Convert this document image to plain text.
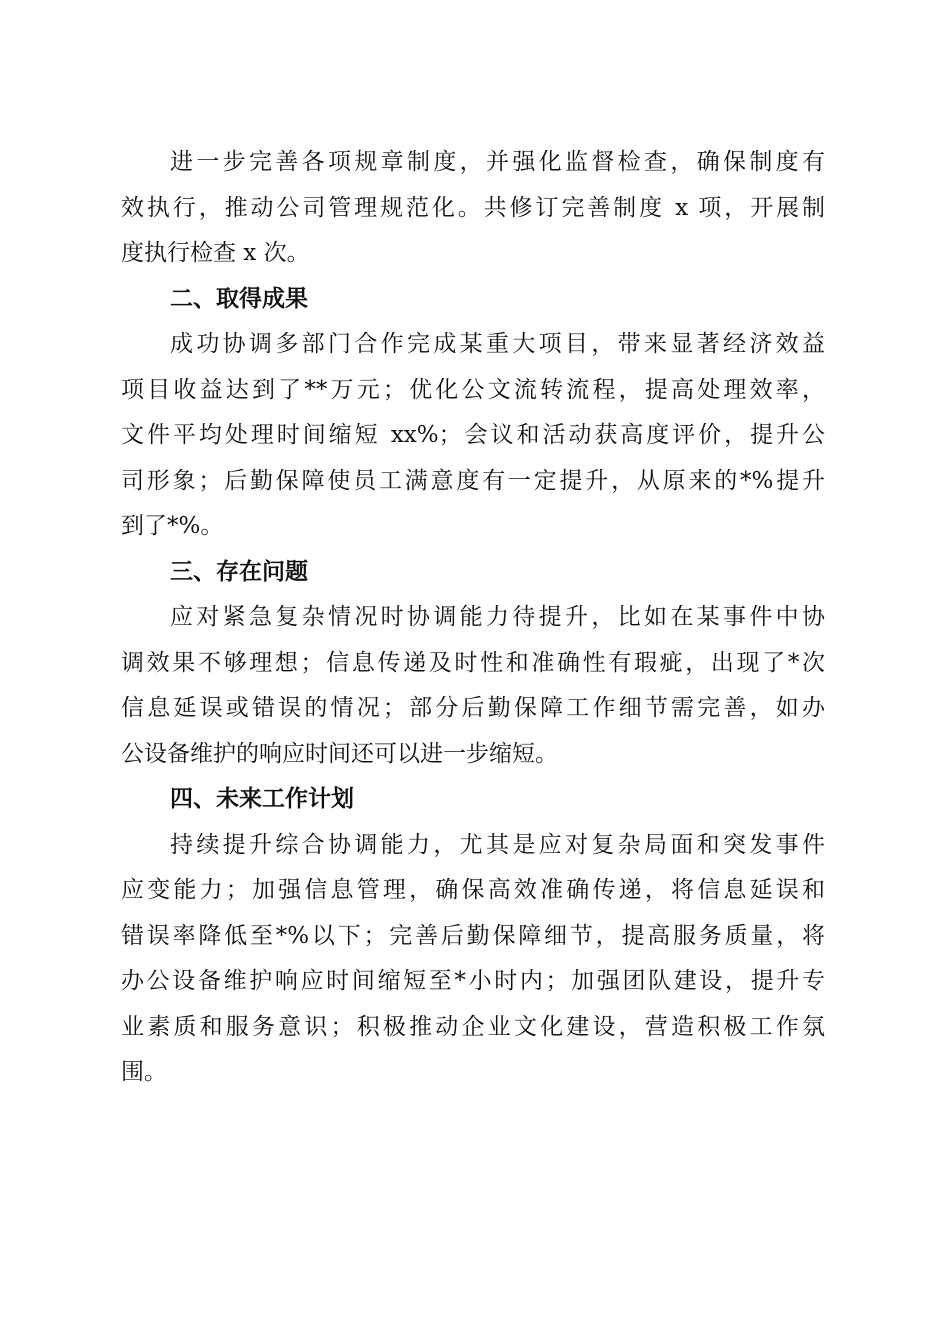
进一步完善各项规章制度，并强化监督检查，确保制度有
效执行，推动公司管理规范化。共修订完善制度 x 项，开展制
度执行检查 x 次。
二、取得成果
成功协调多部门合作完成某重大项目，带来显著经济效益
项目收益达到了**万元；优化公文流转流程，提高处理效率，
文件平均处理时间缩短 xx%；会议和活动获高度评价，提升公
司形象；后勤保障使员工满意度有一定提升，从原来的*%提升
到了*%。
三、存在问题
应对紧急复杂情况时协调能力待提升，比如在某事件中协
调效果不够理想；信息传递及时性和准确性有瑕疵，出现了*次
信息延误或错误的情况；部分后勤保障工作细节需完善，如办
公设备维护的响应时间还可以进一步缩短。
四、未来工作计划
持续提升综合协调能力，尤其是应对复杂局面和突发事件
应变能力；加强信息管理，确保高效准确传递，将信息延误和
错误率降低至*%以下；完善后勤保障细节，提高服务质量，将
办公设备维护响应时间缩短至*小时内；加强团队建设，提升专
业素质和服务意识；积极推动企业文化建设，营造积极工作氛
围。
